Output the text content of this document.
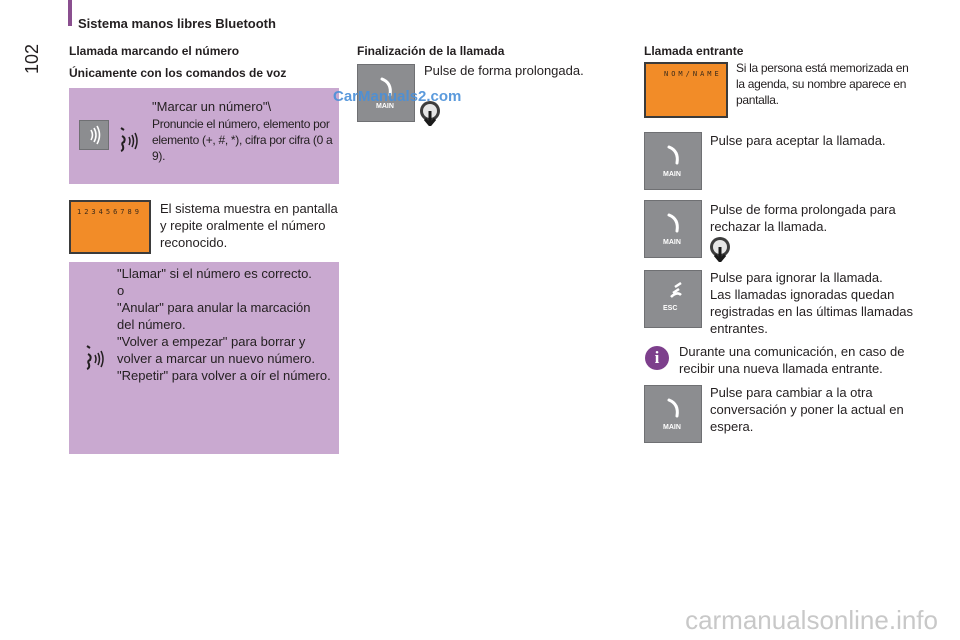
Sistema manos libres Bluetooth
102 Llamada marcando el número
Únicamente con los comandos de voz
"Marcar un número"\
Pronuncie el número, elemento por elemento (+, #, *), cifra por cifra (0 a 9).
123456789 El sistema muestra en pantalla y repite oralmente el número reconocido.
"Llamar" si el número es correcto.
o
"Anular" para anular la marcación del número.
"Volver a empezar" para borrar y volver a marcar un nuevo número.
"Repetir" para volver a oír el número.
Finalización de la llamada
MAIN
Pulse de forma prolongada.
CarManuals2.com
Llamada entrante
NOM/NAME Si la persona está memorizada en la agenda, su nombre aparece en pantalla.
MAIN
Pulse para aceptar la llamada.
MAIN
Pulse de forma prolongada para rechazar la llamada.
ESC
Pulse para ignorar la llamada.
Las llamadas ignoradas quedan registradas en las últimas llamadas entrantes.
i	Durante una comunicación, en caso de recibir una nueva llamada entrante.
MAIN
Pulse para cambiar a la otra conversación y poner la actual en espera.
carmanualsonline.info
